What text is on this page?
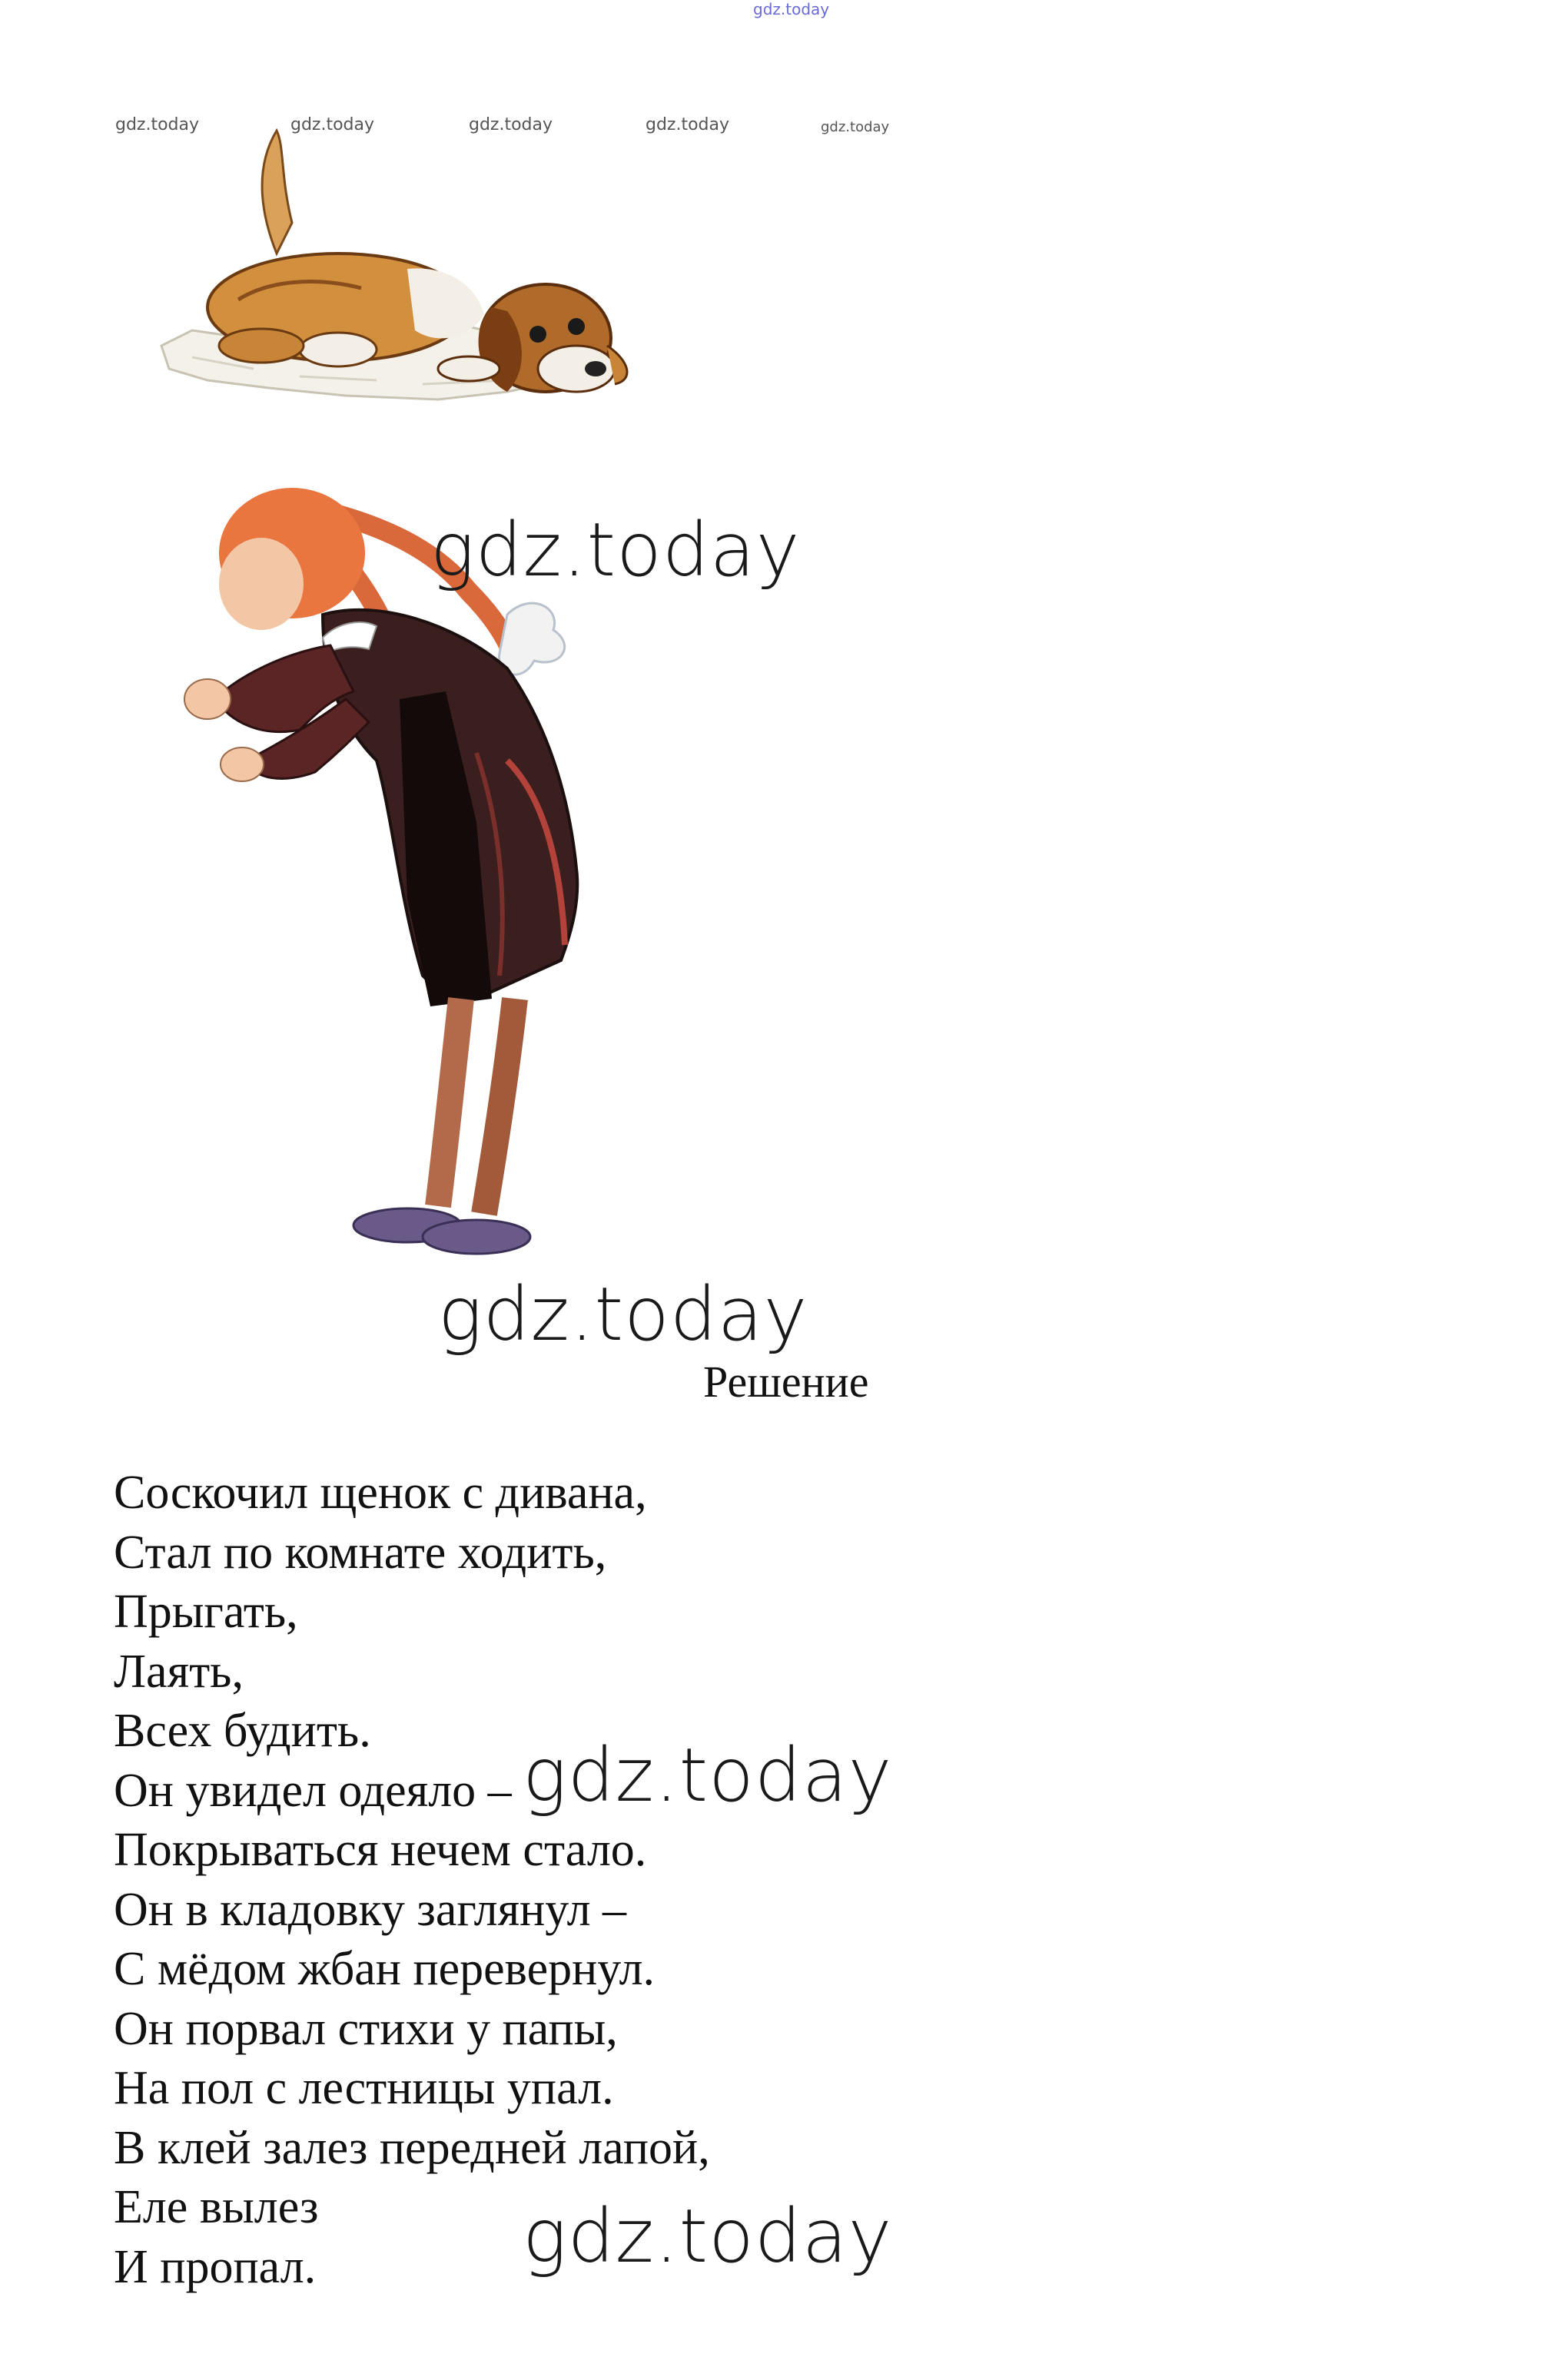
gdz.today
gdz.today	gdz.today	gdz.today	gdz.today	gdz.today
gdz.today
gdz.today
Решение
Соскочил щенок с дивана,
Стал по комнате ходить,
Прыгать,
Лаять,
Всех будить.
Он увидел одеяло –
Покрываться нечем стало.
Он в кладовку заглянул –
С мёдом жбан перевернул.
Он порвал стихи у папы,
На пол с лестницы упал.
В клей залез передней лапой,
Еле вылез
И пропал.
gdz.today
gdz.today
